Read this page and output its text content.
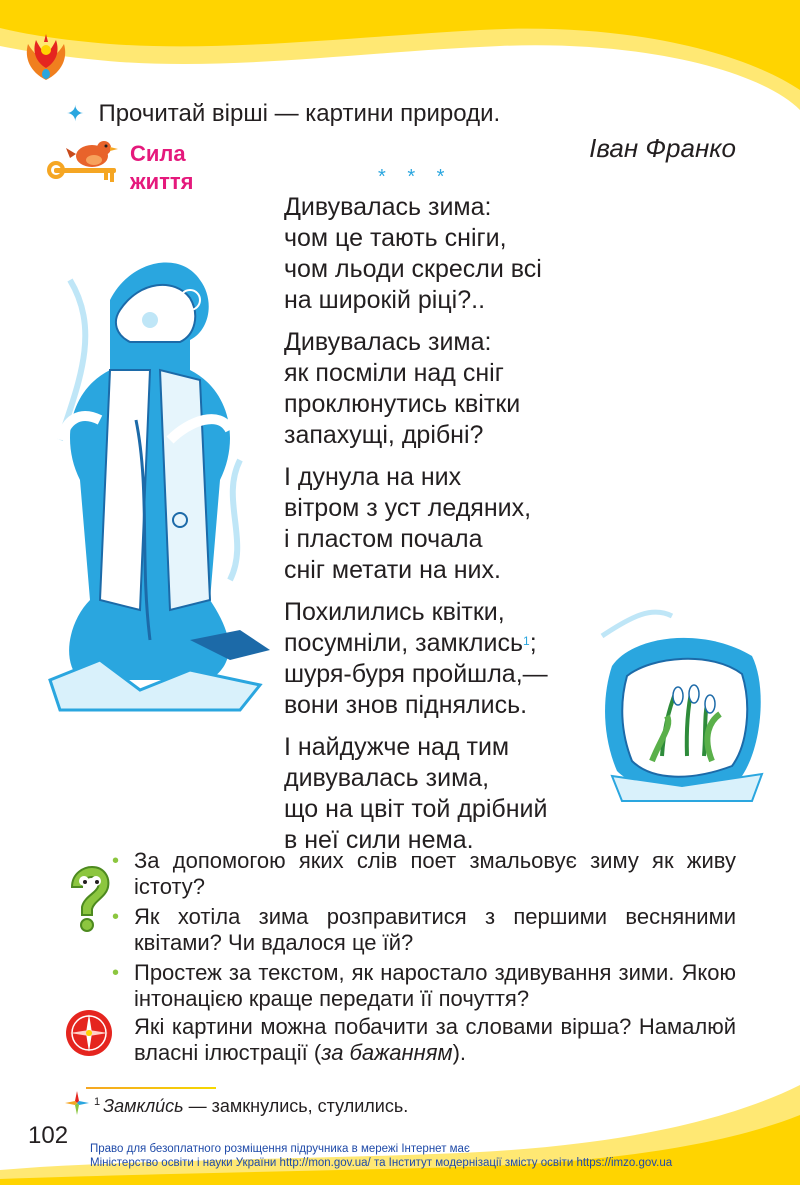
✦ Прочитай вірші — картини природи.
Сила
життя
Іван Франко
* * *
Дивувалась зима:
чом це тають сніги,
чом льоди скресли всі
на широкій ріці?..
Дивувалась зима:
як посміли над сніг
проклюнутись квітки
запахущі, дрібні?
І дунула на них
вітром з уст ледяних,
і пластом почала
сніг метати на них.
Похилились квітки,
посумніли, замклись$^1$;
шуря-буря пройшла,—
вони знов піднялись.
І найдужче над тим
дивувалась зима,
що на цвіт той дрібний
в неї сили нема.
• За допомогою яких слів поет змальовує зиму як живу істоту?
• Як хотіла зима розправитися з першими весняними квітами? Чи вдалося це їй?
• Простеж за текстом, як наростало здивування зими. Якою інтонацією краще передати її почуття?
Які картини можна побачити за словами вірша? Намалюй власні ілюстрації (за бажанням).
$^1$ Замкли́сь — замкнулись, стулились.
102 Право для безоплатного розміщення підручника в мережі Інтернет має
Міністерство освіти і науки України http://mon.gov.ua/ та Інститут модернізації змісту освіти https://imzo.gov.ua
